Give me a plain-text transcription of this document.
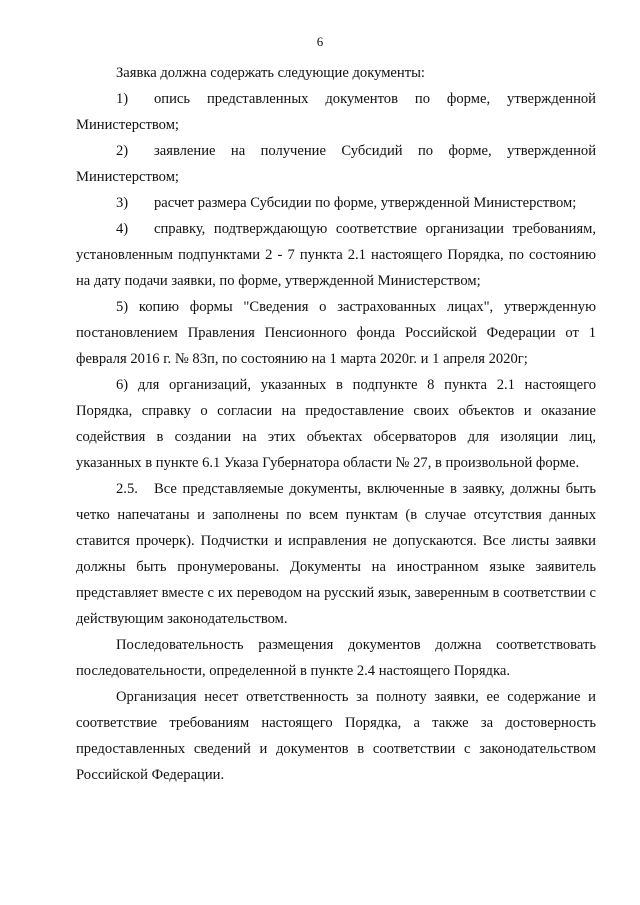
6

Заявка должна содержать следующие документы:

1) опись представленных документов по форме, утвержденной Министерством;

2) заявление на получение Субсидий по форме, утвержденной Министерством;

3) расчет размера Субсидии по форме, утвержденной Министерством;

4) справку, подтверждающую соответствие организации требованиям, установленным подпунктами 2 - 7 пункта 2.1 настоящего Порядка, по состоянию на дату подачи заявки, по форме, утвержденной Министерством;

5) копию формы "Сведения о застрахованных лицах", утвержденную постановлением Правления Пенсионного фонда Российской Федерации от 1 февраля 2016 г. № 83п, по состоянию на 1 марта 2020г. и 1 апреля 2020г;

6) для организаций, указанных в подпункте 8 пункта 2.1 настоящего Порядка, справку о согласии на предоставление своих объектов и оказание содействия в создании на этих объектах обсерваторов для изоляции лиц, указанных в пункте 6.1 Указа Губернатора области № 27, в произвольной форме.

2.5. Все представляемые документы, включенные в заявку, должны быть четко напечатаны и заполнены по всем пунктам (в случае отсутствия данных ставится прочерк). Подчистки и исправления не допускаются. Все листы заявки должны быть пронумерованы. Документы на иностранном языке заявитель представляет вместе с их переводом на русский язык, заверенным в соответствии с действующим законодательством.

Последовательность размещения документов должна соответствовать последовательности, определенной в пункте 2.4 настоящего Порядка.

Организация несет ответственность за полноту заявки, ее содержание и соответствие требованиям настоящего Порядка, а также за достоверность предоставленных сведений и документов в соответствии с законодательством Российской Федерации.
